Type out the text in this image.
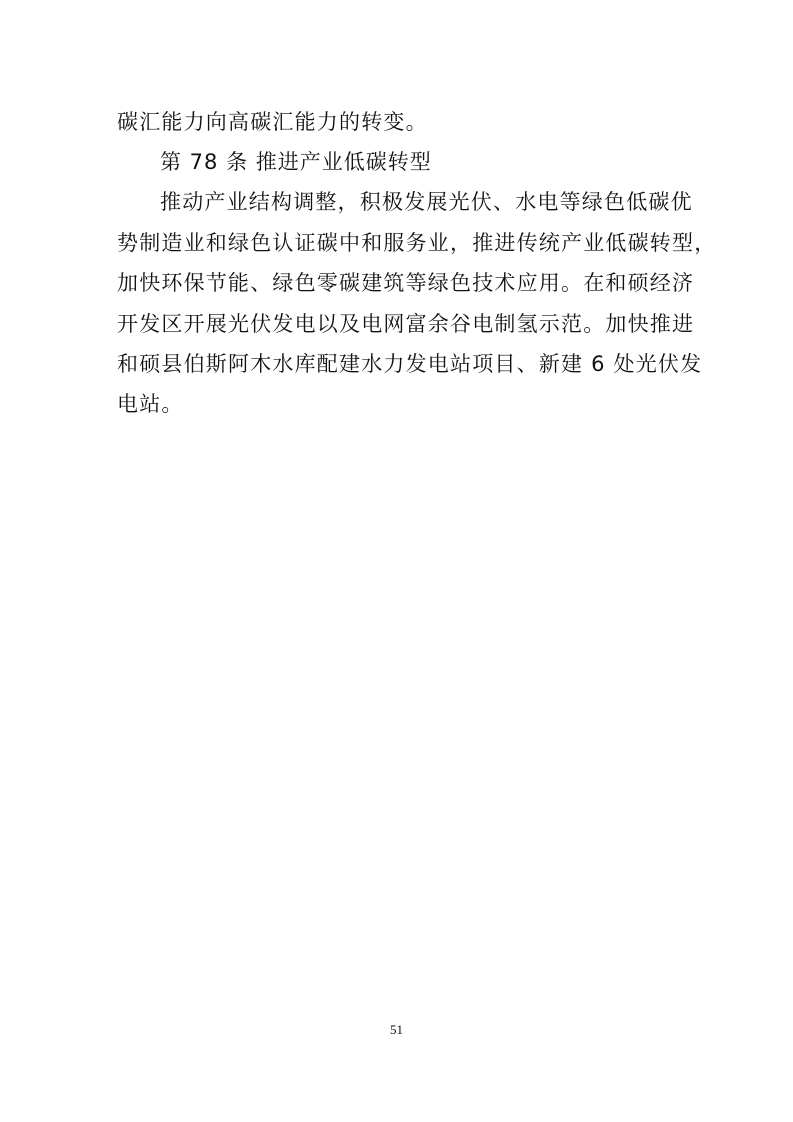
碳汇能力向高碳汇能力的转变。
第 78 条 推进产业低碳转型
推动产业结构调整，积极发展光伏、水电等绿色低碳优
势制造业和绿色认证碳中和服务业，推进传统产业低碳转型，
加快环保节能、绿色零碳建筑等绿色技术应用。在和硕经济
开发区开展光伏发电以及电网富余谷电制氢示范。加快推进
和硕县伯斯阿木水库配建水力发电站项目、新建 6 处光伏发
电站。
51
